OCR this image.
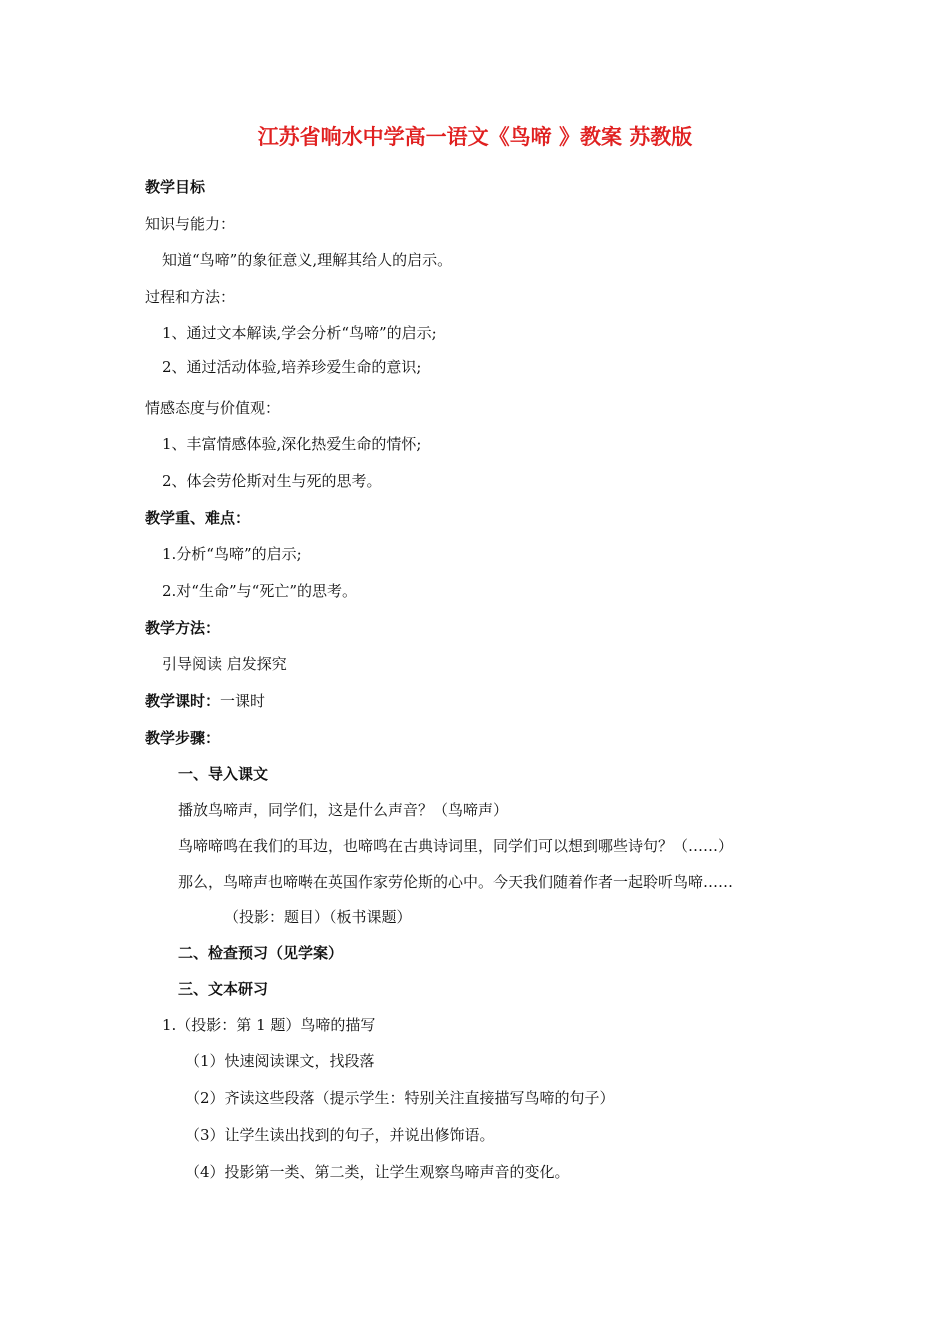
江苏省响水中学高一语文《鸟啼 》教案 苏教版
教学目标
知识与能力：
知道“鸟啼”的象征意义,理解其给人的启示。
过程和方法：
1、通过文本解读,学会分析“鸟啼”的启示;
2、通过活动体验,培养珍爱生命的意识;
情感态度与价值观：
1、丰富情感体验,深化热爱生命的情怀;
2、体会劳伦斯对生与死的思考。
教学重、难点：
1.分析“鸟啼”的启示;
2.对“生命”与“死亡”的思考。
教学方法：
引导阅读 启发探究
教学课时：一课时
教学步骤：
一、导入课文
播放鸟啼声，同学们，这是什么声音？（鸟啼声）
鸟啼啼鸣在我们的耳边，也啼鸣在古典诗词里，同学们可以想到哪些诗句？（……）
那么，鸟啼声也啼啭在英国作家劳伦斯的心中。今天我们随着作者一起聆听鸟啼……
（投影：题目）（板书课题）
二、检查预习（见学案）
三、文本研习
1.（投影：第 1 题）鸟啼的描写
（1）快速阅读课文，找段落
（2）齐读这些段落（提示学生：特别关注直接描写鸟啼的句子）
（3）让学生读出找到的句子，并说出修饰语。
（4）投影第一类、第二类，让学生观察鸟啼声音的变化。
